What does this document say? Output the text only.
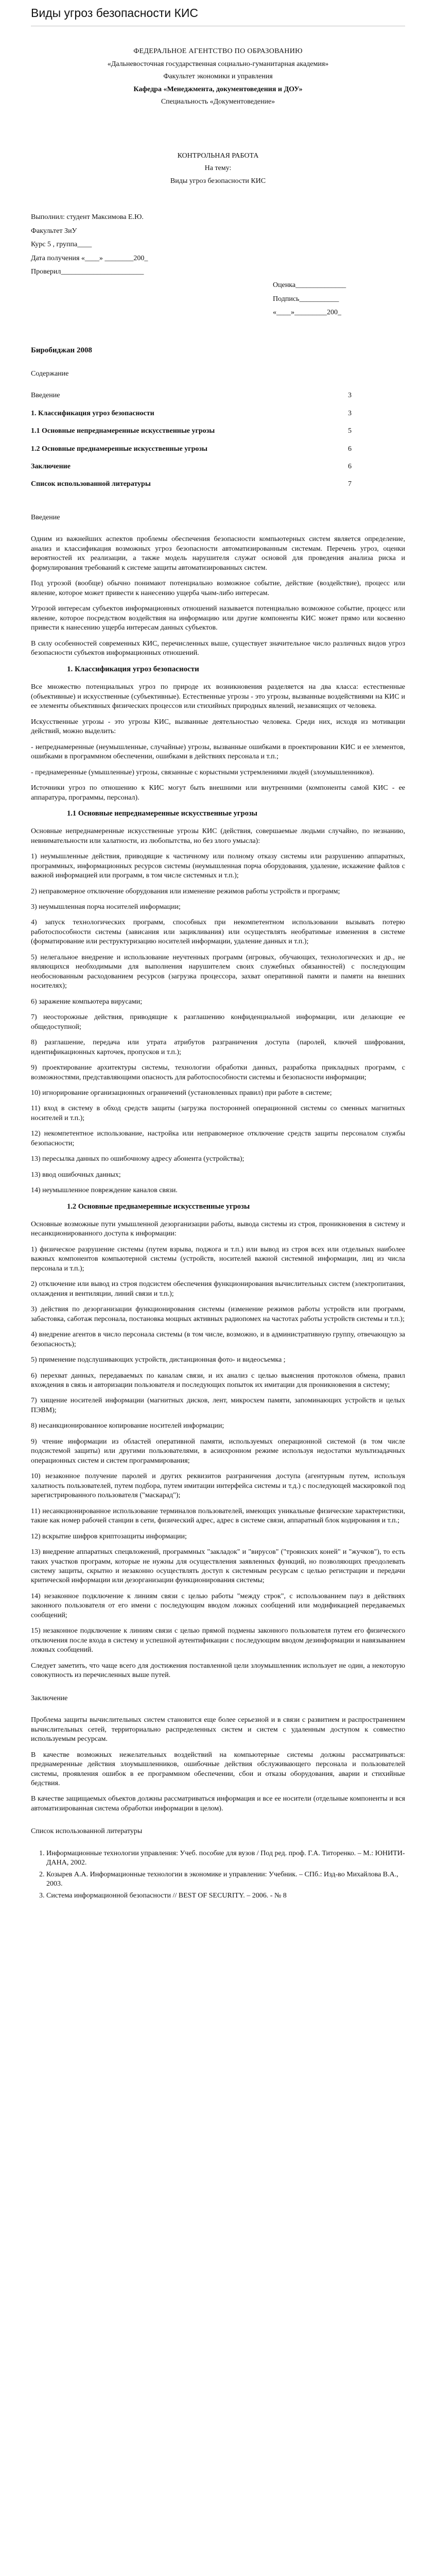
Виды угроз безопасности КИС

ФЕДЕРАЛЬНОЕ АГЕНТСТВО ПО ОБРАЗОВАНИЮ

«Дальневосточная государственная социально-гуманитарная академия»

Факультет экономики и управления

Кафедра «Менеджмента, документоведения и ДОУ»

Специальность «Документоведение»

КОНТРОЛЬНАЯ РАБОТА

На тему:

Виды угроз безопасности КИС

Выполнил: студент Максимова Е.Ю.

Факультет ЗиУ

Курс 5 , группа____

Дата получения «____» ________200_

Проверил_______________________

Оценка______________

Подпись___________

«____»_________200_

Биробиджан 2008

Содержание

Введение	3
1. Классификация угроз безопасности	3
1.1 Основные непреднамеренные искусственные угрозы	5
1.2 Основные преднамеренные искусственные угрозы	6
Заключение	6
Список использованной литературы	7

Введение

Одним из важнейших аспектов проблемы обеспечения безопасности компьютерных систем является определение, анализ и классификация возможных угроз безопасности автоматизированным системам. Перечень угроз, оценки вероятностей их реализации, а также модель нарушителя служат основой для проведения анализа риска и формулирования требований к системе защиты автоматизированных систем.

Под угрозой (вообще) обычно понимают потенциально возможное событие, действие (воздействие), процесс или явление, которое может привести к нанесению ущерба чьим-либо интересам.

Угрозой интересам субъектов информационных отношений называется потенциально возможное событие, процесс или явление, которое посредством воздействия на информацию или другие компоненты КИС может прямо или косвенно привести к нанесению ущерба интересам данных субъектов.

В силу особенностей современных КИС, перечисленных выше, существует значительное число различных видов угроз безопасности субъектов информационных отношений.

1. Классификация угроз безопасности

Все множество потенциальных угроз по природе их возникновения разделяется на два класса: естественные (объективные) и искусственные (субъективные). Естественные угрозы - это угрозы, вызванные воздействиями на КИС и ее элементы объективных физических процессов или стихийных природных явлений, независящих от человека.

Искусственные угрозы - это угрозы КИС, вызванные деятельностью человека. Среди них, исходя из мотивации действий, можно выделить:

- непреднамеренные (неумышленные, случайные) угрозы, вызванные ошибками в проектировании КИС и ее элементов, ошибками в программном обеспечении, ошибками в действиях персонала и т.п.;

- преднамеренные (умышленные) угрозы, связанные с корыстными устремлениями людей (злоумышленников).

Источники угроз по отношению к КИС могут быть внешними или внутренними (компоненты самой КИС - ее аппаратура, программы, персонал).

1.1 Основные непреднамеренные искусственные угрозы

Основные непреднамеренные искусственные угрозы КИС (действия, совершаемые людьми случайно, по незнанию, невнимательности или халатности, из любопытства, но без злого умысла):

1) неумышленные действия, приводящие к частичному или полному отказу системы или разрушению аппаратных, программных, информационных ресурсов системы (неумышленная порча оборудования, удаление, искажение файлов с важной информацией или программ, в том числе системных и т.п.);

2) неправомерное отключение оборудования или изменение режимов работы устройств и программ;

3) неумышленная порча носителей информации;

4) запуск технологических программ, способных при некомпетентном использовании вызывать потерю работоспособности системы (зависания или зацикливания) или осуществлять необратимые изменения в системе (форматирование или реструктуризацию носителей информации, удаление данных и т.п.);

5) нелегальное внедрение и использование неучтенных программ (игровых, обучающих, технологических и др., не являющихся необходимыми для выполнения нарушителем своих служебных обязанностей) с последующим необоснованным расходованием ресурсов (загрузка процессора, захват оперативной памяти и памяти на внешних носителях);

6) заражение компьютера вирусами;

7) неосторожные действия, приводящие к разглашению конфиденциальной информации, или делающие ее общедоступной;

8) разглашение, передача или утрата атрибутов разграничения доступа (паролей, ключей шифрования, идентификационных карточек, пропусков и т.п.);

9) проектирование архитектуры системы, технологии обработки данных, разработка прикладных программ, с возможностями, представляющими опасность для работоспособности системы и безопасности информации;

10) игнорирование организационных ограничений (установленных правил) при работе в системе;

11) вход в систему в обход средств защиты (загрузка посторонней операционной системы со сменных магнитных носителей и т.п.);

12) некомпетентное использование, настройка или неправомерное отключение средств защиты персоналом службы безопасности;

13) пересылка данных по ошибочному адресу абонента (устройства);

13) ввод ошибочных данных;

14) неумышленное повреждение каналов связи.

1.2 Основные преднамеренные искусственные угрозы

Основные возможные пути умышленной дезорганизации работы, вывода системы из строя, проникновения в систему и несанкционированного доступа к информации:

1) физическое разрушение системы (путем взрыва, поджога и т.п.) или вывод из строя всех или отдельных наиболее важных компонентов компьютерной системы (устройств, носителей важной системной информации, лиц из числа персонала и т.п.);

2) отключение или вывод из строя подсистем обеспечения функционирования вычислительных систем (электропитания, охлаждения и вентиляции, линий связи и т.п.);

3) действия по дезорганизации функционирования системы (изменение режимов работы устройств или программ, забастовка, саботаж персонала, постановка мощных активных радиопомех на частотах работы устройств системы и т.п.);

4) внедрение агентов в число персонала системы (в том числе, возможно, и в административную группу, отвечающую за безопасность);

5) применение подслушивающих устройств, дистанционная фото- и видеосъемка ;

6) перехват данных, передаваемых по каналам связи, и их анализ с целью выяснения протоколов обмена, правил вхождения в связь и авторизации пользователя и последующих попыток их имитации для проникновения в систему;

7) хищение носителей информации (магнитных дисков, лент, микросхем памяти, запоминающих устройств и целых ПЭВМ);

8) несанкционированное копирование носителей информации;

9) чтение информации из областей оперативной памяти, используемых операционной системой (в том числе подсистемой защиты) или другими пользователями, в асинхронном режиме используя недостатки мультизадачных операционных систем и систем программирования;

10) незаконное получение паролей и других реквизитов разграничения доступа (агентурным путем, используя халатность пользователей, путем подбора, путем имитации интерфейса системы и т.д.) с последующей маскировкой под зарегистрированного пользователя ("маскарад");

11) несанкционированное использование терминалов пользователей, имеющих уникальные физические характеристики, такие как номер рабочей станции в сети, физический адрес, адрес в системе связи, аппаратный блок кодирования и т.п.;

12) вскрытие шифров криптозащиты информации;

13) внедрение аппаратных спецвложений, программных "закладок" и "вирусов" ("троянских коней" и "жучков"), то есть таких участков программ, которые не нужны для осуществления заявленных функций, но позволяющих преодолевать систему защиты, скрытно и незаконно осуществлять доступ к системным ресурсам с целью регистрации и передачи критической информации или дезорганизации функционирования системы;

14) незаконное подключение к линиям связи с целью работы "между строк", с использованием пауз в действиях законного пользователя от его имени с последующим вводом ложных сообщений или модификацией передаваемых сообщений;

15) незаконное подключение к линиям связи с целью прямой подмены законного пользователя путем его физического отключения после входа в систему и успешной аутентификации с последующим вводом дезинформации и навязыванием ложных сообщений.

Следует заметить, что чаще всего для достижения поставленной цели злоумышленник использует не один, а некоторую совокупность из перечисленных выше путей.

Заключение

Проблема защиты вычислительных систем становится еще более серьезной и в связи с развитием и распространением вычислительных сетей, территориально распределенных систем и систем с удаленным доступом к совместно используемым ресурсам.

В качестве возможных нежелательных воздействий на компьютерные системы должны рассматриваться: преднамеренные действия злоумышленников, ошибочные действия обслуживающего персонала и пользователей системы, проявления ошибок в ее программном обеспечении, сбои и отказы оборудования, аварии и стихийные бедствия.

В качестве защищаемых объектов должны рассматриваться информация и все ее носители (отдельные компоненты и вся автоматизированная система обработки информации в целом).

Список использованной литературы

1. Информационные технологии управления: Учеб. пособие для вузов / Под ред. проф. Г.А. Титоренко. – М.: ЮНИТИ-ДАНА, 2002.
2. Козырев А.А. Информационные технологии в экономике и управлении: Учебник. – СПб.: Изд-во Михайлова В.А., 2003.
3. Система информационной безопасности // BEST OF SECURITY. – 2006. - № 8
